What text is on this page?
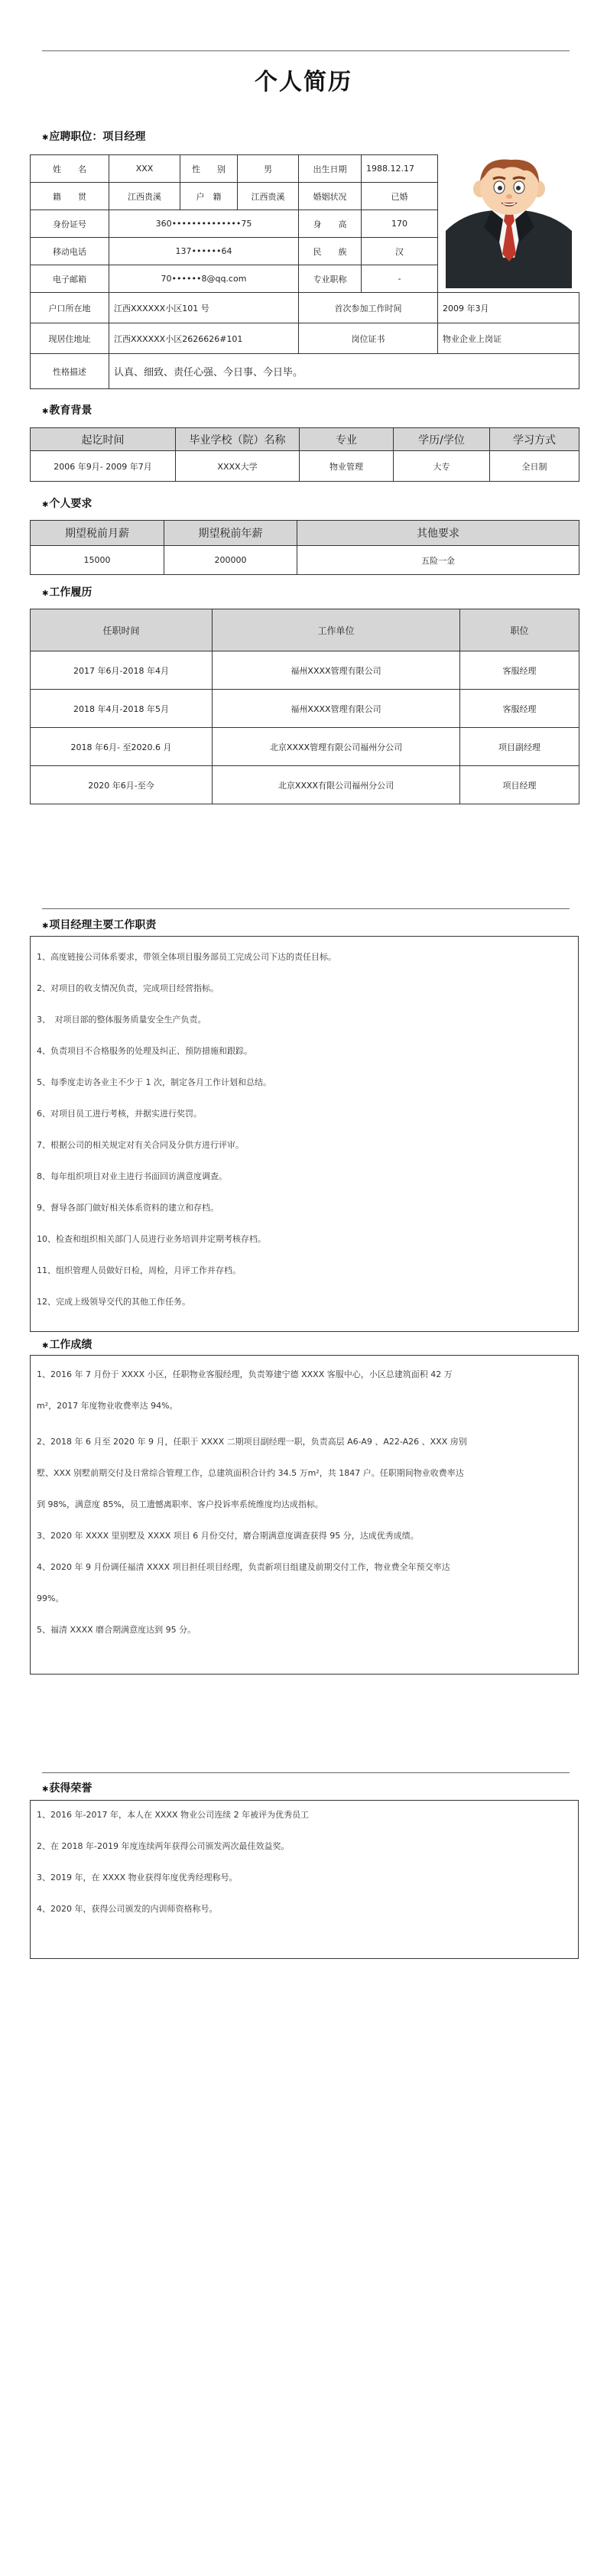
个人简历
✱应聘职位：项目经理
姓　　名	XXX	性　　别	男	出生日期	1988.12.17	

籍　　贯	江西贵溪	户　籍	江西贵溪	婚姻状况	已婚	
身份证号	360••••••••••••••75			身　　高	170	
移动电话	137••••••64			民　　族	汉	
电子邮箱	70••••••8@qq.com			专业职称	-	
户口所在地	江西XXXXXX小区101 号			首次参加工作时间		2009 年3月
现居住地址	江西XXXXXX小区2626626#101			岗位证书		物业企业上岗证
性格描述	认真、细致、责任心强、今日事、今日毕。					
✱教育背景
起讫时间	毕业学校（院）名称	专业	学历/学位	学习方式
2006 年9月- 2009 年7月	XXXX大学	物业管理	大专	全日制
✱个人要求
期望税前月薪	期望税前年薪	其他要求
15000	200000	五险一金
✱工作履历
任职时间	工作单位	职位
2017 年6月-2018 年4月	福州XXXX管理有限公司	客服经理
2018 年4月-2018 年5月	福州XXXX管理有限公司	客服经理
2018 年6月- 至2020.6 月	北京XXXX管理有限公司福州分公司	项目副经理
2020 年6月-至今	北京XXXX有限公司福州分公司	项目经理
✱项目经理主要工作职责

1、高度链接公司体系要求，带领全体项目服务部员工完成公司下达的责任目标。

2、对项目的收支情况负责，完成项目经营指标。

3、　对项目部的整体服务质量安全生产负责。

4、负责项目不合格服务的处理及纠正、预防措施和跟踪。

5、每季度走访各业主不少于 1 次，制定各月工作计划和总结。

6、对项目员工进行考核，并据实进行奖罚。

7、根据公司的相关规定对有关合同及分供方进行评审。

8、每年组织项目对业主进行书面回访满意度调查。

9、督导各部门做好相关体系资料的建立和存档。

10、检查和组织相关部门人员进行业务培训并定期考核存档。

11、组织管理人员做好日检，周检，月评工作并存档。

12、完成上级领导交代的其他工作任务。

✱工作成绩

1、2016 年 7 月份于 XXXX 小区，任职物业客服经理，负责筹建宁德 XXXX 客服中心，小区总建筑面积 42 万

m²，2017 年度物业收费率达 94%。

2、2018 年 6 月至 2020 年 9 月，任职于 XXXX 二期项目副经理一职，负责高层 A6-A9 、A22-A26 、XXX 房别

墅、XXX 别墅前期交付及日常综合管理工作，总建筑面积合计约 34.5 万m²，共 1847 户。任职期间物业收费率达

到 98%，满意度 85%，员工遗憾离职率、客户投诉率系统维度均达成指标。

3、2020 年 XXXX 里别墅及 XXXX 项目 6 月份交付，磨合期满意度调查获得 95 分，达成优秀成绩。

4、2020 年 9 月份调任福清 XXXX 项目担任项目经理，负责新项目组建及前期交付工作，物业费全年预交率达

99%。

5、福清 XXXX 磨合期满意度达到 95 分。

✱获得荣誉

1、2016 年-2017 年，本人在 XXXX 物业公司连续 2 年被评为优秀员工

2、在 2018 年-2019 年度连续两年获得公司颁发两次最佳效益奖。

3、2019 年，在 XXXX 物业获得年度优秀经理称号。

4、2020 年，获得公司颁发的内训师资格称号。
